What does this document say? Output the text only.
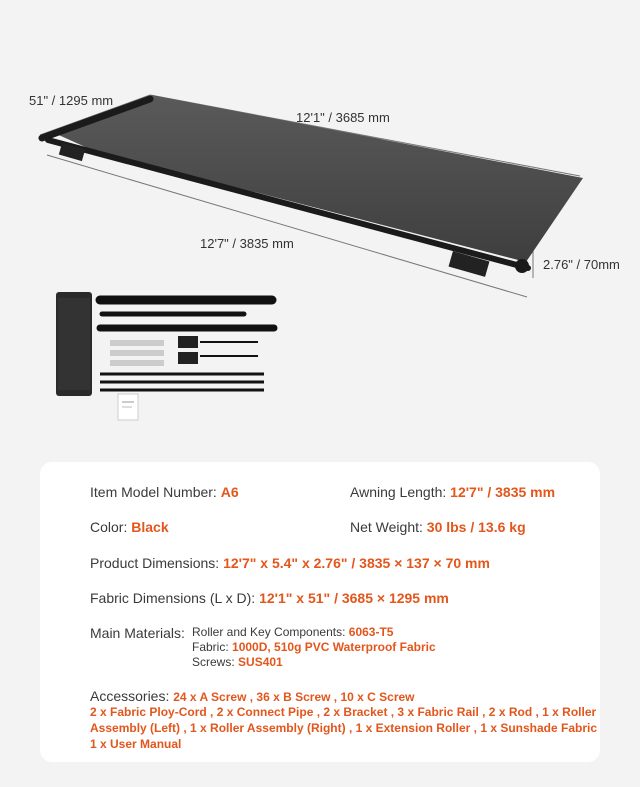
51" / 1295 mm
12'1" / 3685 mm
12'7" / 3835 mm
2.76" / 70mm
Item Model Number: A6	Awning Length: 12'7" / 3835 mm
Color: Black	Net Weight: 30 lbs / 13.6 kg
Product Dimensions: 12'7" x 5.4" x 2.76" / 3835 × 137 × 70 mm
Fabric Dimensions (L x D): 12'1" x 51" / 3685 × 1295 mm
Main Materials: Roller and Key Components: 6063-T5
Fabric: 1000D, 510g PVC Waterproof Fabric
Screws: SUS401
Accessories: 24 x A Screw , 36 x B Screw , 10 x C Screw
2 x Fabric Ploy-Cord , 2 x Connect Pipe , 2 x Bracket , 3 x Fabric Rail , 2 x Rod , 1 x Roller
Assembly (Left) , 1 x Roller Assembly (Right) , 1 x Extension Roller , 1 x Sunshade Fabric
1 x User Manual
